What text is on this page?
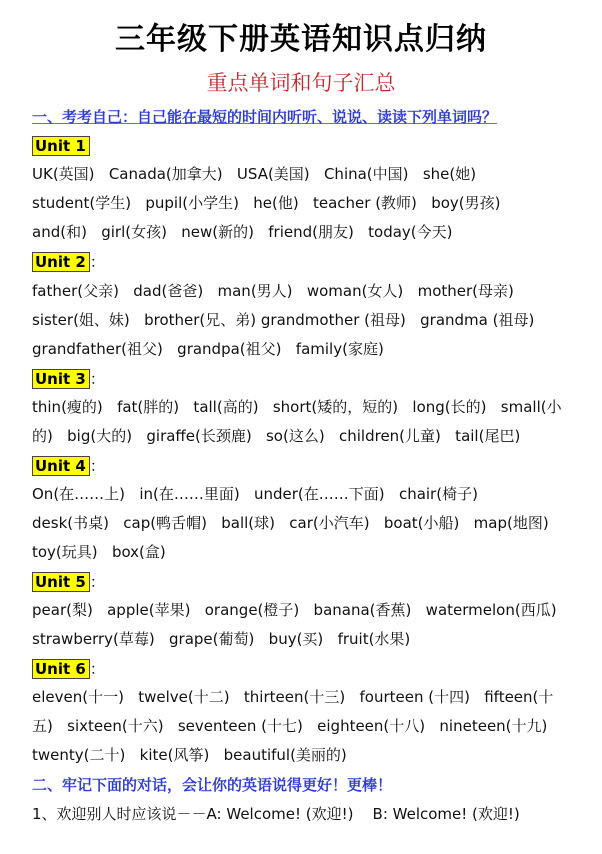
三年级下册英语知识点归纳
重点单词和句子汇总
一、考考自己：自己能在最短的时间内听听、说说、读读下列单词吗？
Unit 1
UK(英国)   Canada(加拿大)   USA(美国)   China(中国)   she(她)
student(学生)   pupil(小学生)   he(他)   teacher (教师)   boy(男孩)
and(和)   girl(女孩)   new(新的)   friend(朋友)   today(今天)
Unit 2 ：
father(父亲)   dad(爸爸)   man(男人)   woman(女人)   mother(母亲)
sister(姐、妹)   brother(兄、弟) grandmother (祖母)   grandma (祖母)
grandfather(祖父)   grandpa(祖父)   family(家庭)
Unit 3 ：
thin(瘦的)   fat(胖的)   tall(高的)   short(矮的，短的)   long(长的)   small(小
的)   big(大的)   giraffe(长颈鹿)   so(这么)   children(儿童)   tail(尾巴)
Unit 4 ：
On(在……上)   in(在……里面)   under(在……下面)   chair(椅子)
desk(书桌)   cap(鸭舌帽)   ball(球)   car(小汽车)   boat(小船)   map(地图)
toy(玩具)   box(盒)
Unit 5 ：
pear(梨)   apple(苹果)   orange(橙子)   banana(香蕉)   watermelon(西瓜)
strawberry(草莓)   grape(葡萄)   buy(买)   fruit(水果)
Unit 6 ：
eleven(十一)   twelve(十二)   thirteen(十三)   fourteen (十四)   fifteen(十
五)   sixteen(十六)   seventeen (十七)   eighteen(十八)   nineteen(十九)
twenty(二十)   kite(风筝)   beautiful(美丽的)
二、牢记下面的对话，会让你的英语说得更好！更棒！
1、欢迎别人时应该说－－A: Welcome! (欢迎!)    B: Welcome! (欢迎!)
